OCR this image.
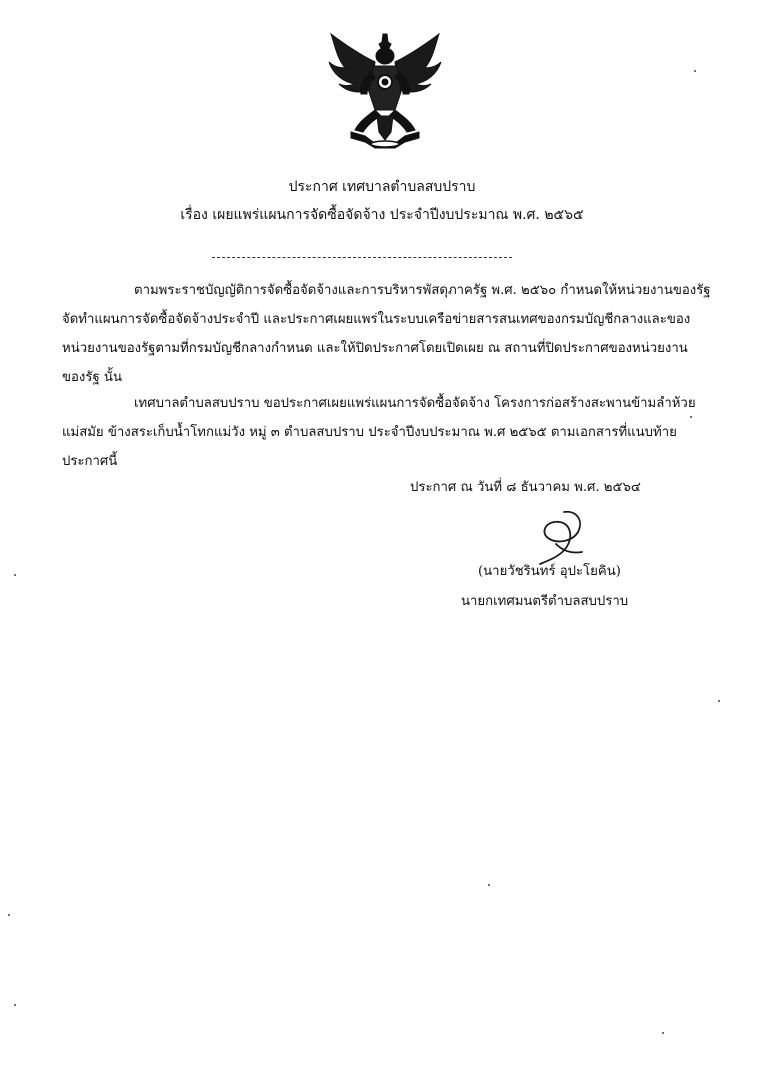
ประกาศ เทศบาลตำบลสบปราบ
เรื่อง เผยแพร่แผนการจัดซื้อจัดจ้าง ประจำปีงบประมาณ พ.ศ. ๒๕๖๕
ตามพระราชบัญญัติการจัดซื้อจัดจ้างและการบริหารพัสดุภาครัฐ พ.ศ. ๒๕๖๐ กำหนดให้หน่วยงานของรัฐ
จัดทำแผนการจัดซื้อจัดจ้างประจำปี และประกาศเผยแพร่ในระบบเครือข่ายสารสนเทศของกรมบัญชีกลางและของ
หน่วยงานของรัฐตามที่กรมบัญชีกลางกำหนด และให้ปิดประกาศโดยเปิดเผย ณ สถานที่ปิดประกาศของหน่วยงาน
ของรัฐ นั้น
เทศบาลตำบลสบปราบ ขอประกาศเผยแพร่แผนการจัดซื้อจัดจ้าง โครงการก่อสร้างสะพานข้ามลำห้วย
แม่สมัย ข้างสระเก็บน้ำโทกแม่วัง หมู่ ๓ ตำบลสบปราบ ประจำปีงบประมาณ พ.ศ ๒๕๖๕ ตามเอกสารที่แนบท้าย
ประกาศนี้
ประกาศ ณ วันที่ ๘ ธันวาคม พ.ศ. ๒๕๖๔
(นายวัชรินทร์ อุปะโยคิน)
นายกเทศมนตรีตำบลสบปราบ
